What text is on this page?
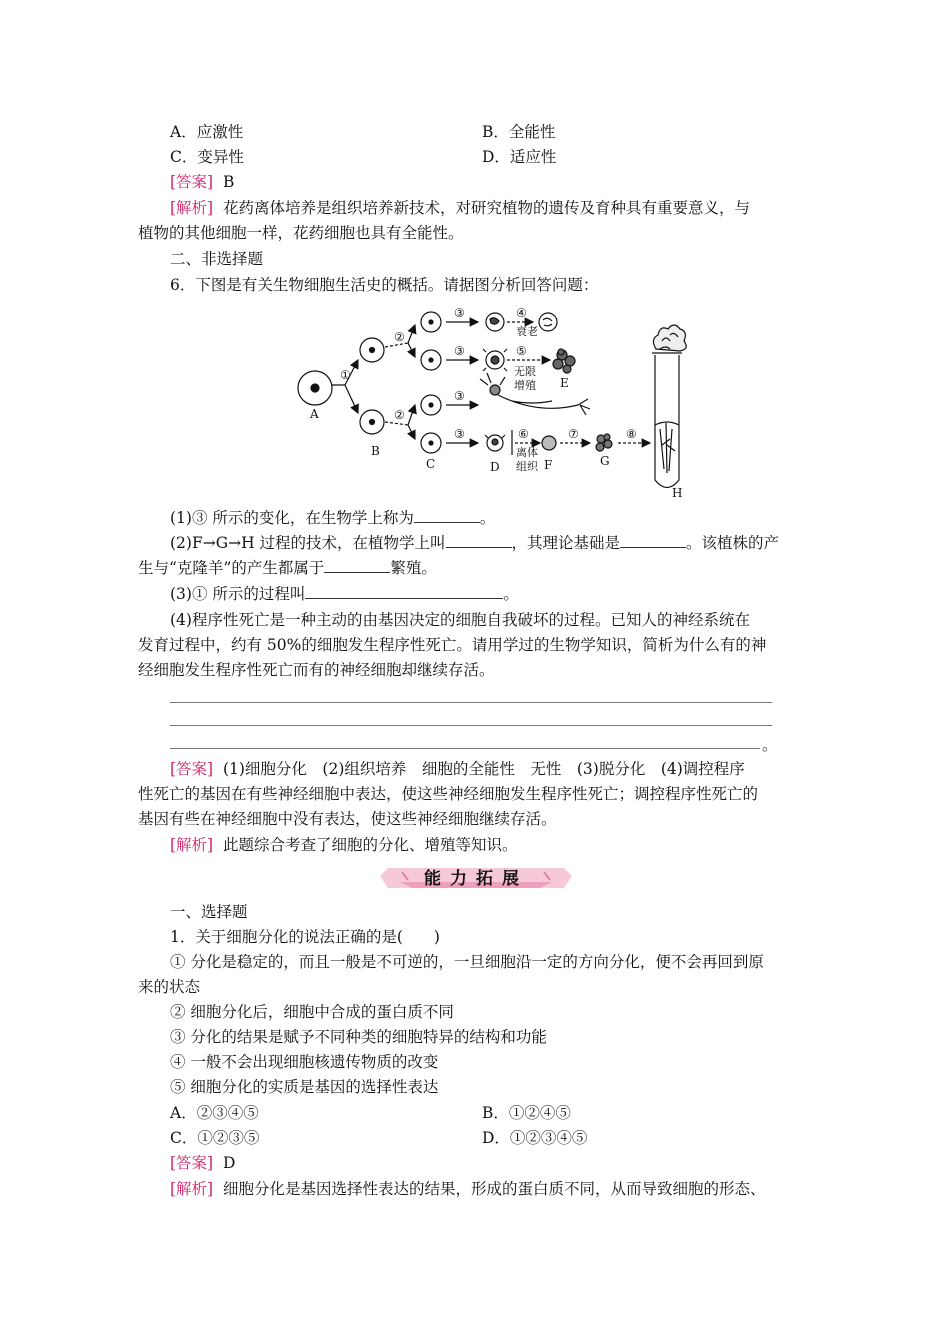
A．应激性	B．全能性
C．变异性	D．适应性
[答案] B
[解析] 花药离体培养是组织培养新技术，对研究植物的遗传及育种具有重要意义，与
植物的其他细胞一样，花药细胞也具有全能性。
二、非选择题
6．下图是有关生物细胞生活史的概括。请据图分析回答问题：
A
B
C	D
E
F	G
H
①
②
②
③
③
③
③
④
衰老
⑤
无限
增殖
⑥
离体
组织
⑦	⑧
(1)③ 所示的变化，在生物学上称为	。
(2)F→G→H 过程的技术，在植物学上叫	，其理论基础是	。该植株的产
生与“克隆羊”的产生都属于	繁殖。
(3)① 所示的过程叫	。
(4)程序性死亡是一种主动的由基因决定的细胞自我破坏的过程。已知人的神经系统在
发育过程中，约有 50%的细胞发生程序性死亡。请用学过的生物学知识，简析为什么有的神
经细胞发生程序性死亡而有的神经细胞却继续存活。
。
[答案] (1)细胞分化　(2)组织培养　细胞的全能性　无性　(3)脱分化　(4)调控程序
性死亡的基因在有些神经细胞中表达，使这些神经细胞发生程序性死亡；调控程序性死亡的
基因有些在神经细胞中没有表达，使这些神经细胞继续存活。
[解析] 此题综合考查了细胞的分化、增殖等知识。
能力拓展
一、选择题
1．关于细胞分化的说法正确的是(　　)
① 分化是稳定的，而且一般是不可逆的，一旦细胞沿一定的方向分化，便不会再回到原
来的状态
② 细胞分化后，细胞中合成的蛋白质不同
③ 分化的结果是赋予不同种类的细胞特异的结构和功能
④ 一般不会出现细胞核遗传物质的改变
⑤ 细胞分化的实质是基因的选择性表达
A．②③④⑤	B．①②④⑤
C．①②③⑤	D．①②③④⑤
[答案] D
[解析] 细胞分化是基因选择性表达的结果，形成的蛋白质不同，从而导致细胞的形态、
